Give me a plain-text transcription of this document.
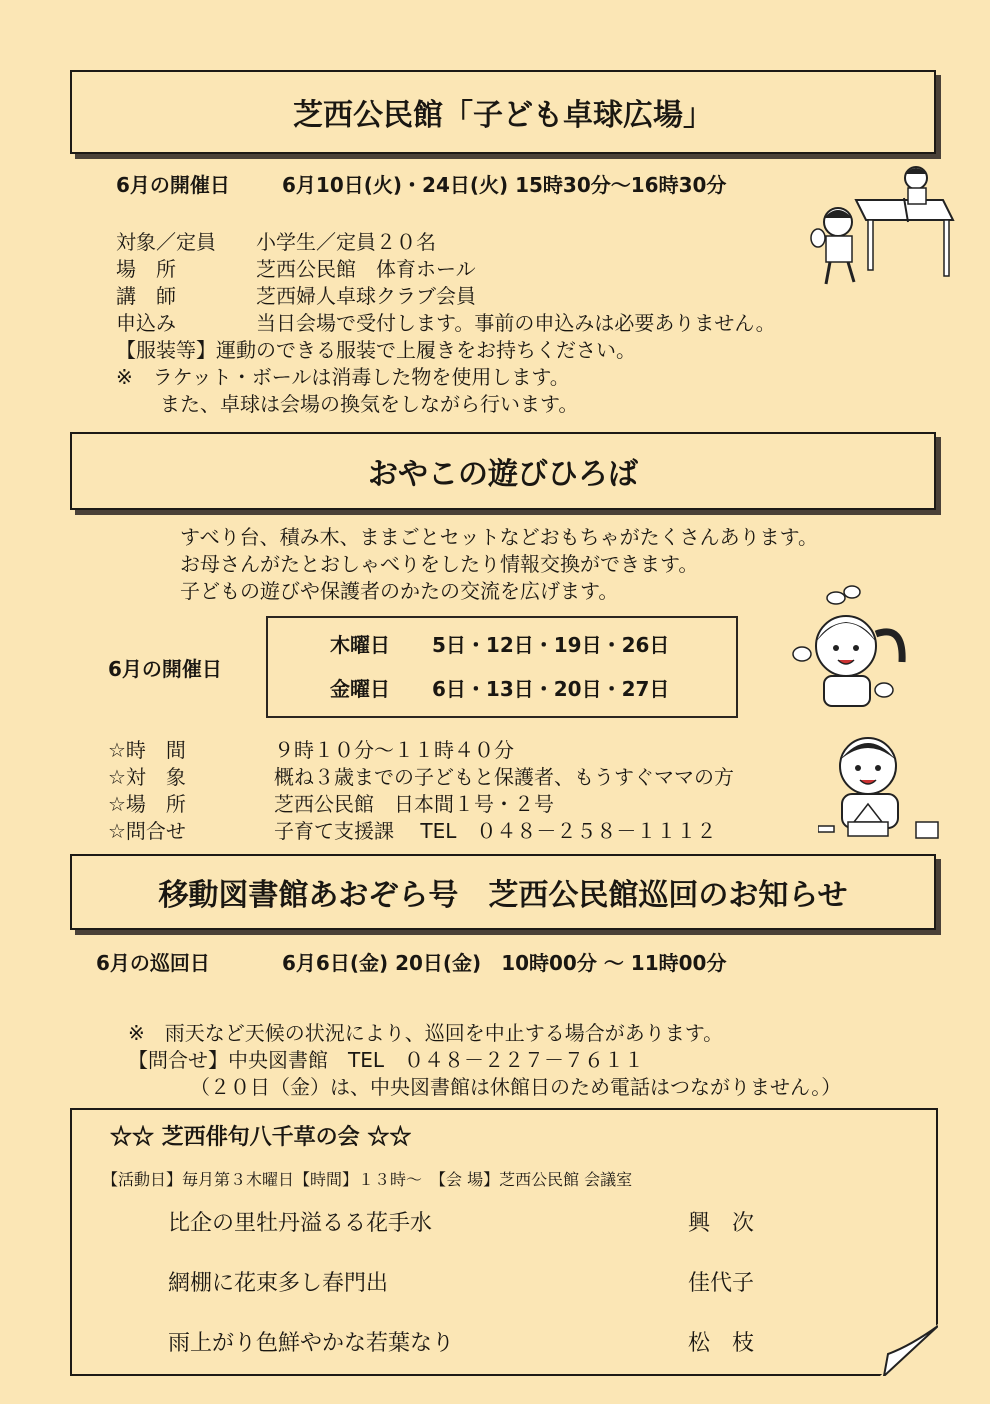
芝西公民館「子ども卓球広場」
6月の開催日	6月10日(火)・24日(火) 15時30分～16時30分
対象／定員 小学生／定員２０名
場　所	芝西公民館　体育ホール
講　師	芝西婦人卓球クラブ会員
申込み	当日会場で受付します。事前の申込みは必要ありません。
【服装等】運動のできる服装で上履きをお持ちください。
※　ラケット・ボールは消毒した物を使用します。
また、卓球は会場の換気をしながら行います。
おやこの遊びひろば
すべり台、積み木、ままごとセットなどおもちゃがたくさんあります。
お母さんがたとおしゃべりをしたり情報交換ができます。
子どもの遊びや保護者のかたの交流を広げます。
6月の開催日
木曜日 5日・12日・19日・26日
金曜日 6日・13日・20日・27日
☆時　間	９時１０分～１１時４０分
☆対　象	概ね３歳までの子どもと保護者、もうすぐママの方
☆場　所	芝西公民館　日本間１号・２号
☆問合せ	子育て支援課　 TEL　０４８－２５８－１１１２
移動図書館あおぞら号　芝西公民館巡回のお知らせ
6月の巡回日	6月6日(金) 20日(金)　10時00分 ～ 11時00分
※　雨天など天候の状況により、巡回を中止する場合があります。
【問合せ】中央図書館　TEL　０４８－２２７－７６１１
（２０日（金）は、中央図書館は休館日のため電話はつながりません。）
☆☆ 芝西俳句八千草の会 ☆☆
【活動日】毎月第３木曜日【時間】１３時～　【会 場】芝西公民館 会議室
比企の里牡丹溢るる花手水	興　次
網棚に花束多し春門出	佳代子
雨上がり色鮮やかな若葉なり	松　枝
